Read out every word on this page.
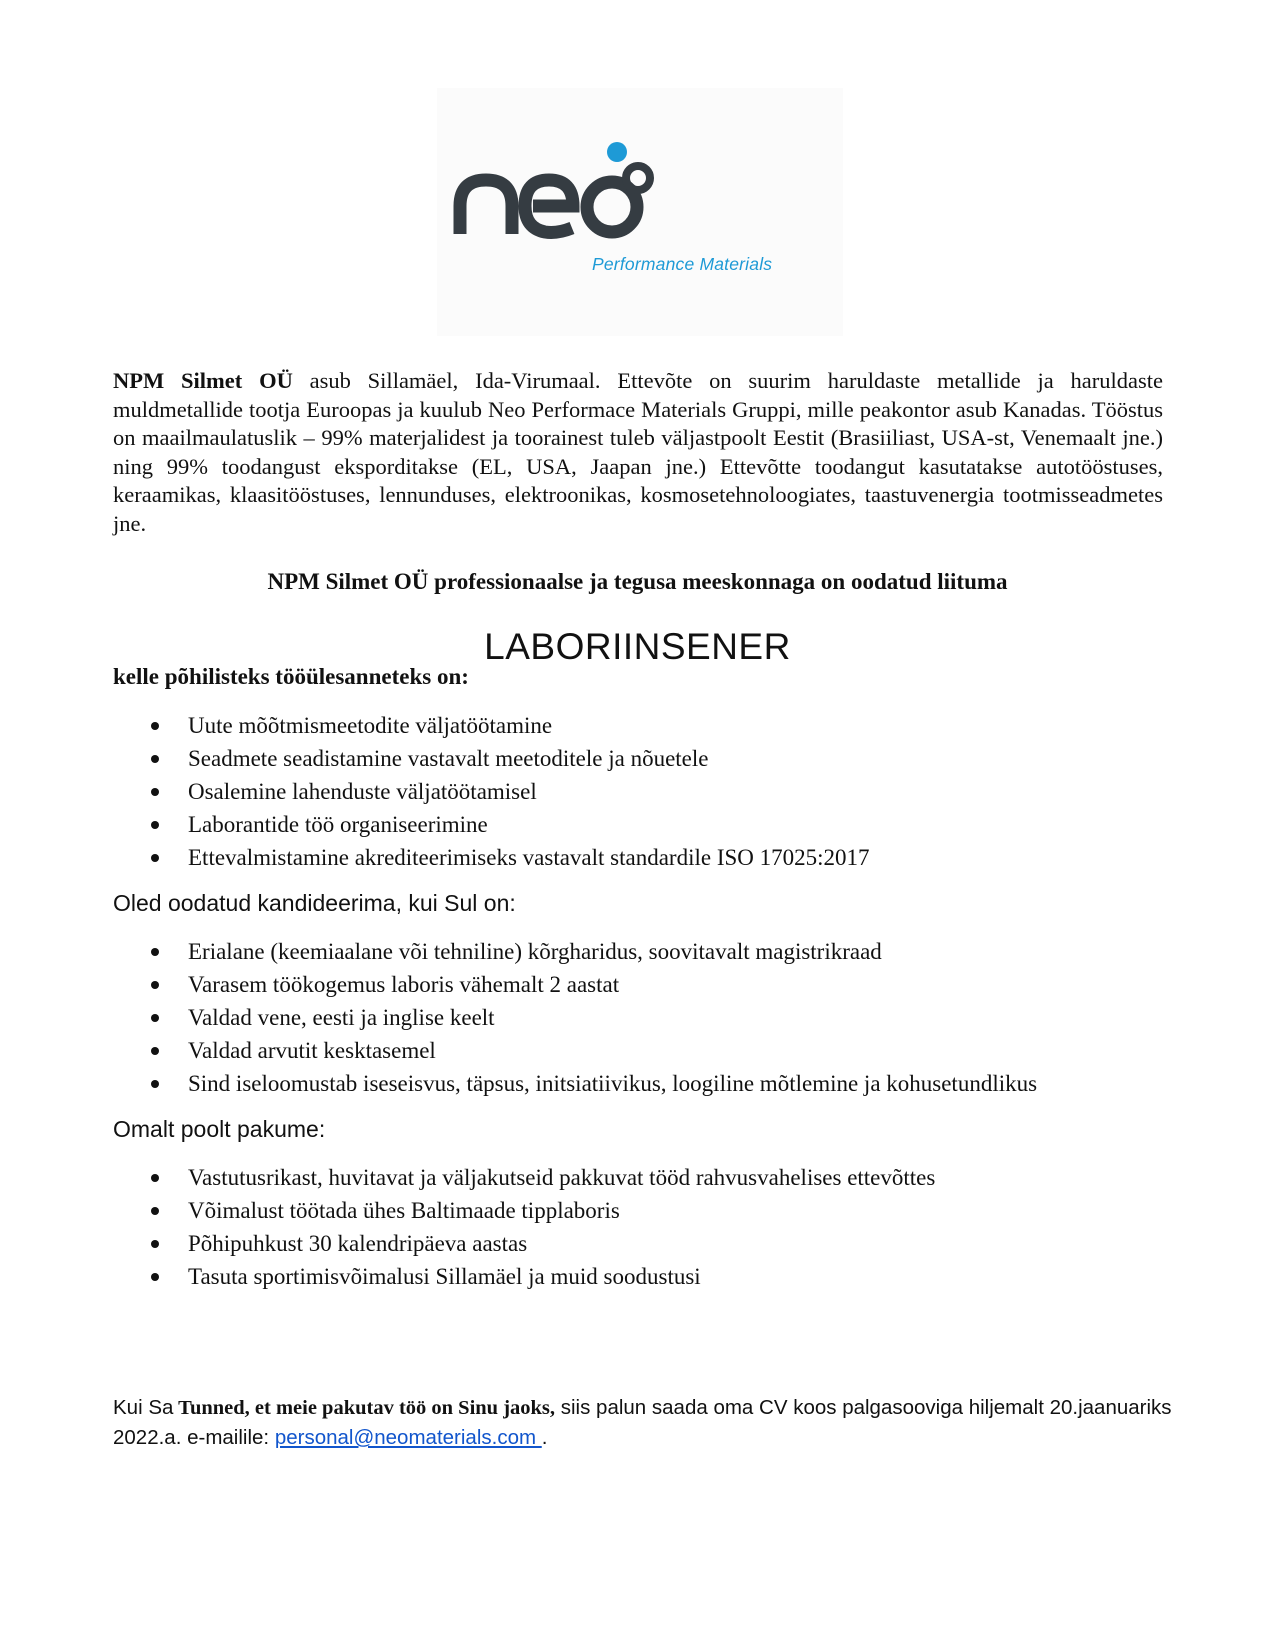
Performance Materials
NPM Silmet OÜ asub Sillamäel, Ida-Virumaal. Ettevõte on suurim haruldaste metallide ja haruldaste muldmetallide tootja Euroopas ja kuulub Neo Performace Materials Gruppi, mille peakontor asub Kanadas. Tööstus on maailmaulatuslik – 99% materjalidest ja toorainest tuleb väljastpoolt Eestit (Brasiiliast, USA-st, Venemaalt jne.) ning 99% toodangust eksporditakse (EL, USA, Jaapan jne.) Ettevõtte toodangut kasutatakse autotööstuses, keraamikas, klaasitööstuses, lennunduses, elektroonikas, kosmosetehnoloogiates, taastuvenergia tootmisseadmetes jne.
NPM Silmet OÜ professionaalse ja tegusa meeskonnaga on oodatud liituma
LABORIINSENER
kelle põhilisteks tööülesanneteks on:
Uute mõõtmismeetodite väljatöötamine
Seadmete seadistamine vastavalt meetoditele ja nõuetele
Osalemine lahenduste väljatöötamisel
Laborantide töö organiseerimine
Ettevalmistamine akrediteerimiseks vastavalt standardile ISO 17025:2017
Oled oodatud kandideerima, kui Sul on:
Erialane (keemiaalane või tehniline) kõrgharidus, soovitavalt magistrikraad
Varasem töökogemus laboris vähemalt 2 aastat
Valdad vene, eesti ja inglise keelt
Valdad arvutit kesktasemel
Sind iseloomustab iseseisvus, täpsus, initsiatiivikus, loogiline mõtlemine ja kohusetundlikus
Omalt poolt pakume:
Vastutusrikast, huvitavat ja väljakutseid pakkuvat tööd rahvusvahelises ettevõttes
Võimalust töötada ühes Baltimaade tipplaboris
Põhipuhkust 30 kalendripäeva aastas
Tasuta sportimisvõimalusi Sillamäel ja muid soodustusi
Kui Sa Tunned, et meie pakutav töö on Sinu jaoks, siis palun saada oma CV koos palgasooviga hiljemalt 20.jaanuariks 2022.a. e-mailile: personal@neomaterials.com .
